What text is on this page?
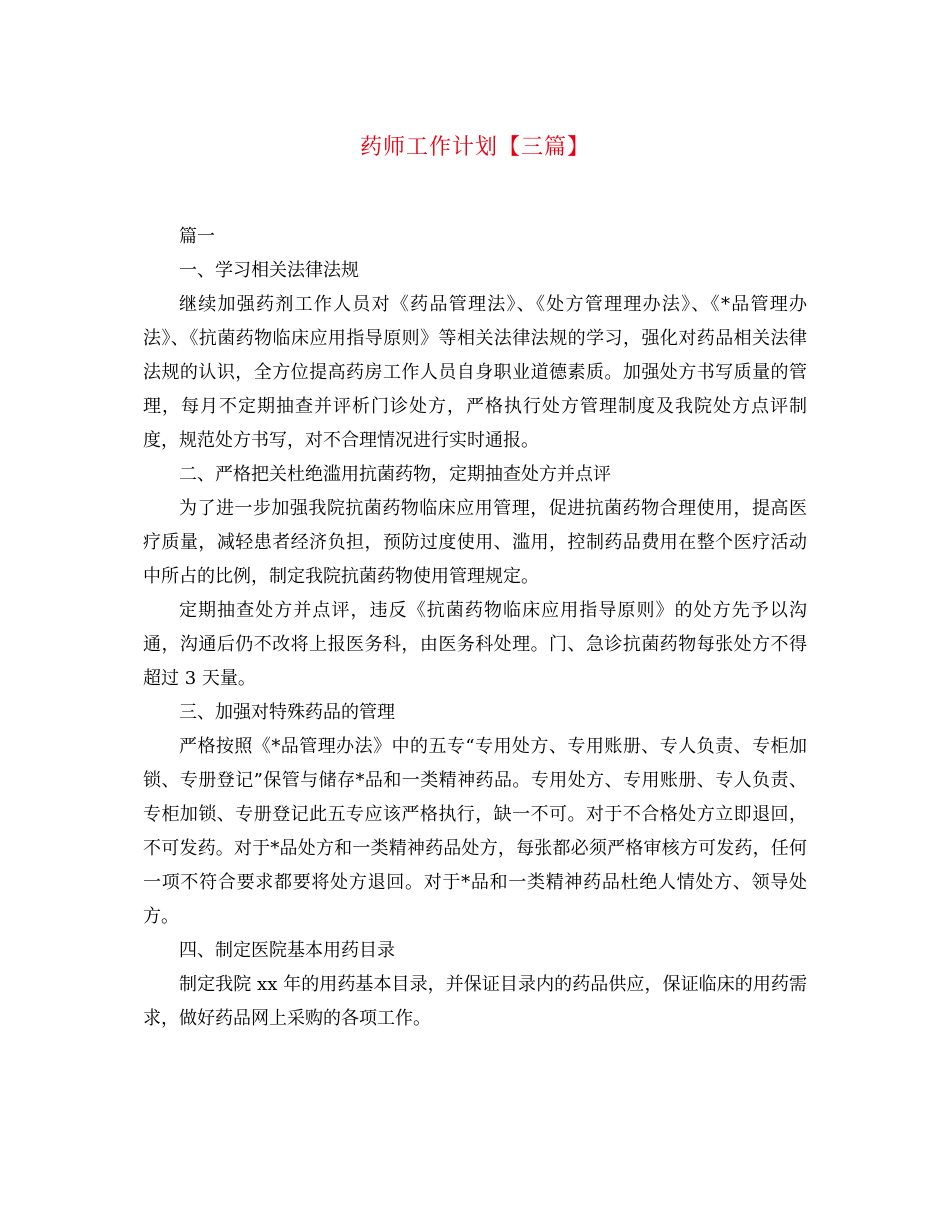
药师工作计划【三篇】

篇一

一、学习相关法律法规

继续加强药剂工作人员对《药品管理法》、《处方管理理办法》、《*品管理办法》、《抗菌药物临床应用指导原则》等相关法律法规的学习，强化对药品相关法律法规的认识，全方位提高药房工作人员自身职业道德素质。加强处方书写质量的管理，每月不定期抽查并评析门诊处方，严格执行处方管理制度及我院处方点评制度，规范处方书写，对不合理情况进行实时通报。

二、严格把关杜绝滥用抗菌药物，定期抽查处方并点评

为了进一步加强我院抗菌药物临床应用管理，促进抗菌药物合理使用，提高医疗质量，减轻患者经济负担，预防过度使用、滥用，控制药品费用在整个医疗活动中所占的比例，制定我院抗菌药物使用管理规定。

定期抽查处方并点评，违反《抗菌药物临床应用指导原则》的处方先予以沟通，沟通后仍不改将上报医务科，由医务科处理。门、急诊抗菌药物每张处方不得超过 3 天量。

三、加强对特殊药品的管理

严格按照《*品管理办法》中的五专“专用处方、专用账册、专人负责、专柜加锁、专册登记”保管与储存*品和一类精神药品。专用处方、专用账册、专人负责、专柜加锁、专册登记此五专应该严格执行，缺一不可。对于不合格处方立即退回，不可发药。对于*品处方和一类精神药品处方，每张都必须严格审核方可发药，任何一项不符合要求都要将处方退回。对于*品和一类精神药品杜绝人情处方、领导处方。

四、制定医院基本用药目录

制定我院 xx 年的用药基本目录，并保证目录内的药品供应，保证临床的用药需求，做好药品网上采购的各项工作。
